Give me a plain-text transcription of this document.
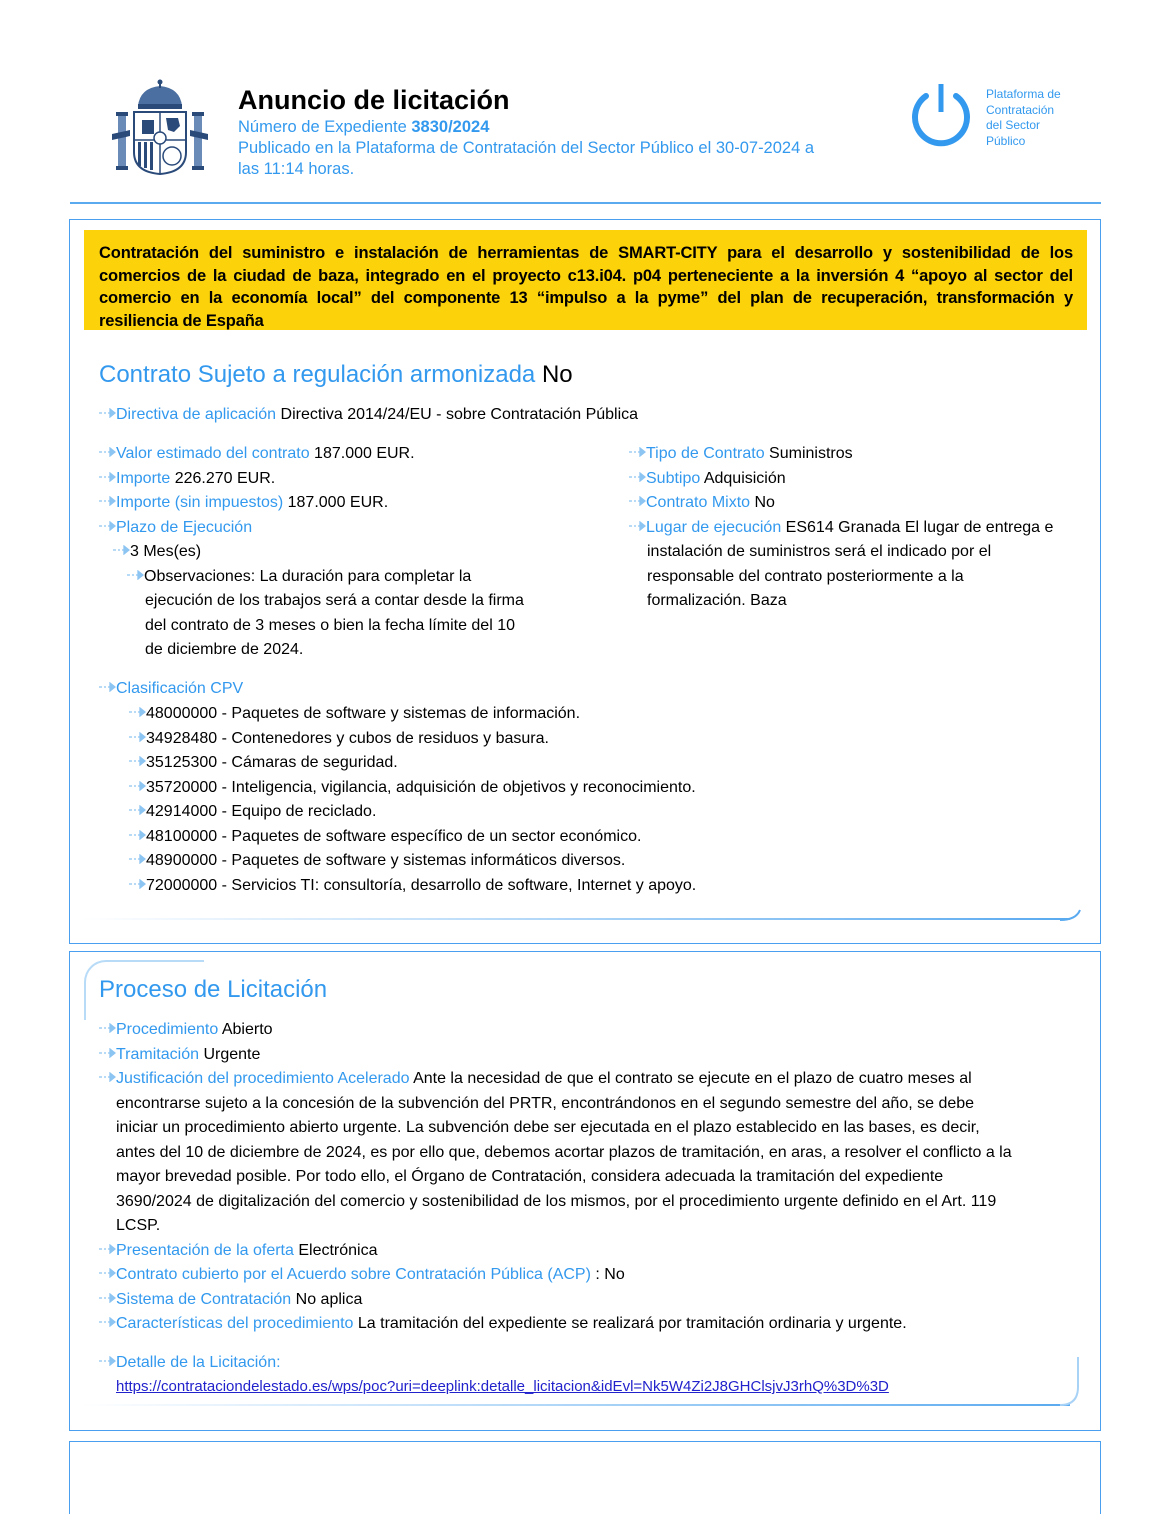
Anuncio de licitación
Número de Expediente 3830/2024
Publicado en la Plataforma de Contratación del Sector Público el 30-07-2024 a
las 11:14 horas.
Plataforma de
Contratación
del Sector
Público
Contratación del suministro e instalación de herramientas de SMART-CITY para el desarrollo y sostenibilidad de los comercios de la ciudad de baza, integrado en el proyecto c13.i04. p04 perteneciente a la inversión 4 “apoyo al sector del comercio en la economía local” del componente 13 “impulso a la pyme” del plan de recuperación, transformación y resiliencia de España
Contrato Sujeto a regulación armonizada No
Directiva de aplicación Directiva 2014/24/EU - sobre Contratación Pública
Valor estimado del contrato 187.000 EUR.
Importe 226.270 EUR.
Importe (sin impuestos) 187.000 EUR.
Plazo de Ejecución
3 Mes(es)
Observaciones: La duración para completar la
ejecución de los trabajos será a contar desde la firma
del contrato de 3 meses o bien la fecha límite del 10
de diciembre de 2024.
Tipo de Contrato Suministros
Subtipo Adquisición
Contrato Mixto No
Lugar de ejecución ES614 Granada El lugar de entrega e
instalación de suministros será el indicado por el
responsable del contrato posteriormente a la
formalización. Baza
Clasificación CPV
48000000 - Paquetes de software y sistemas de información.
34928480 - Contenedores y cubos de residuos y basura.
35125300 - Cámaras de seguridad.
35720000 - Inteligencia, vigilancia, adquisición de objetivos y reconocimiento.
42914000 - Equipo de reciclado.
48100000 - Paquetes de software específico de un sector económico.
48900000 - Paquetes de software y sistemas informáticos diversos.
72000000 - Servicios TI: consultoría, desarrollo de software, Internet y apoyo.
Proceso de Licitación
Procedimiento Abierto
Tramitación Urgente
Justificación del procedimiento Acelerado Ante la necesidad de que el contrato se ejecute en el plazo de cuatro meses al
encontrarse sujeto a la concesión de la subvención del PRTR, encontrándonos en el segundo semestre del año, se debe
iniciar un procedimiento abierto urgente. La subvención debe ser ejecutada en el plazo establecido en las bases, es decir,
antes del 10 de diciembre de 2024, es por ello que, debemos acortar plazos de tramitación, en aras, a resolver el conflicto a la
mayor brevedad posible. Por todo ello, el Órgano de Contratación, considera adecuada la tramitación del expediente
3690/2024 de digitalización del comercio y sostenibilidad de los mismos, por el procedimiento urgente definido en el Art. 119
LCSP.
Presentación de la oferta Electrónica
Contrato cubierto por el Acuerdo sobre Contratación Pública (ACP) : No
Sistema de Contratación No aplica
Características del procedimiento La tramitación del expediente se realizará por tramitación ordinaria y urgente.
Detalle de la Licitación:
https://contrataciondelestado.es/wps/poc?uri=deeplink:detalle_licitacion&idEvl=Nk5W4Zi2J8GHClsjvJ3rhQ%3D%3D
